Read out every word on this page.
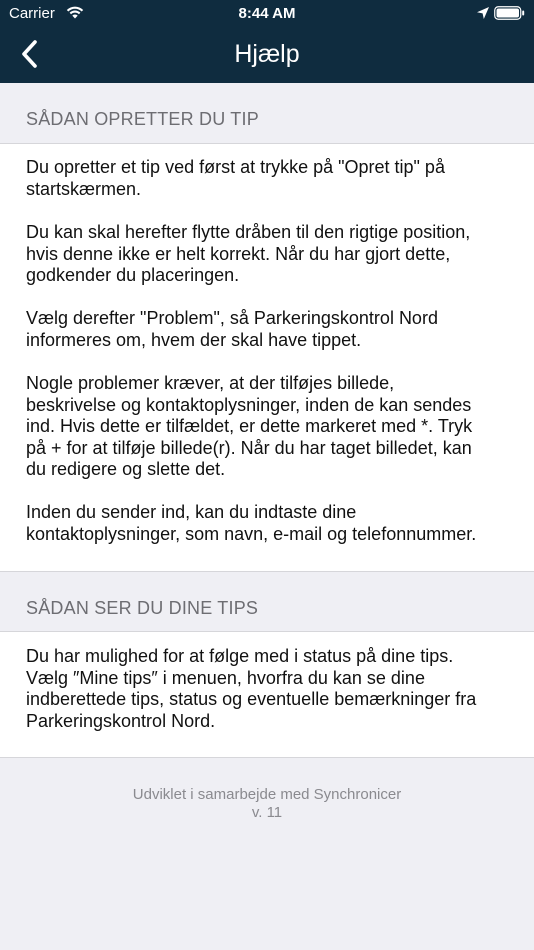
Carrier	8:44 AM
Hjælp
SÅDAN OPRETTER DU TIP
Du opretter et tip ved først at trykke på "Opret tip" på
startskærmen.
Du kan skal herefter flytte dråben til den rigtige position,
hvis denne ikke er helt korrekt. Når du har gjort dette,
godkender du placeringen.
Vælg derefter "Problem", så Parkeringskontrol Nord
informeres om, hvem der skal have tippet.
Nogle problemer kræver, at der tilføjes billede,
beskrivelse og kontaktoplysninger, inden de kan sendes
ind. Hvis dette er tilfældet, er dette markeret med *. Tryk
på + for at tilføje billede(r). Når du har taget billedet, kan
du redigere og slette det.
Inden du sender ind, kan du indtaste dine
kontaktoplysninger, som navn, e-mail og telefonnummer.
SÅDAN SER DU DINE TIPS
Du har mulighed for at følge med i status på dine tips.
Vælg ″Mine tips″ i menuen, hvorfra du kan se dine
indberettede tips, status og eventuelle bemærkninger fra
Parkeringskontrol Nord.
Udviklet i samarbejde med Synchronicer
v. 11
